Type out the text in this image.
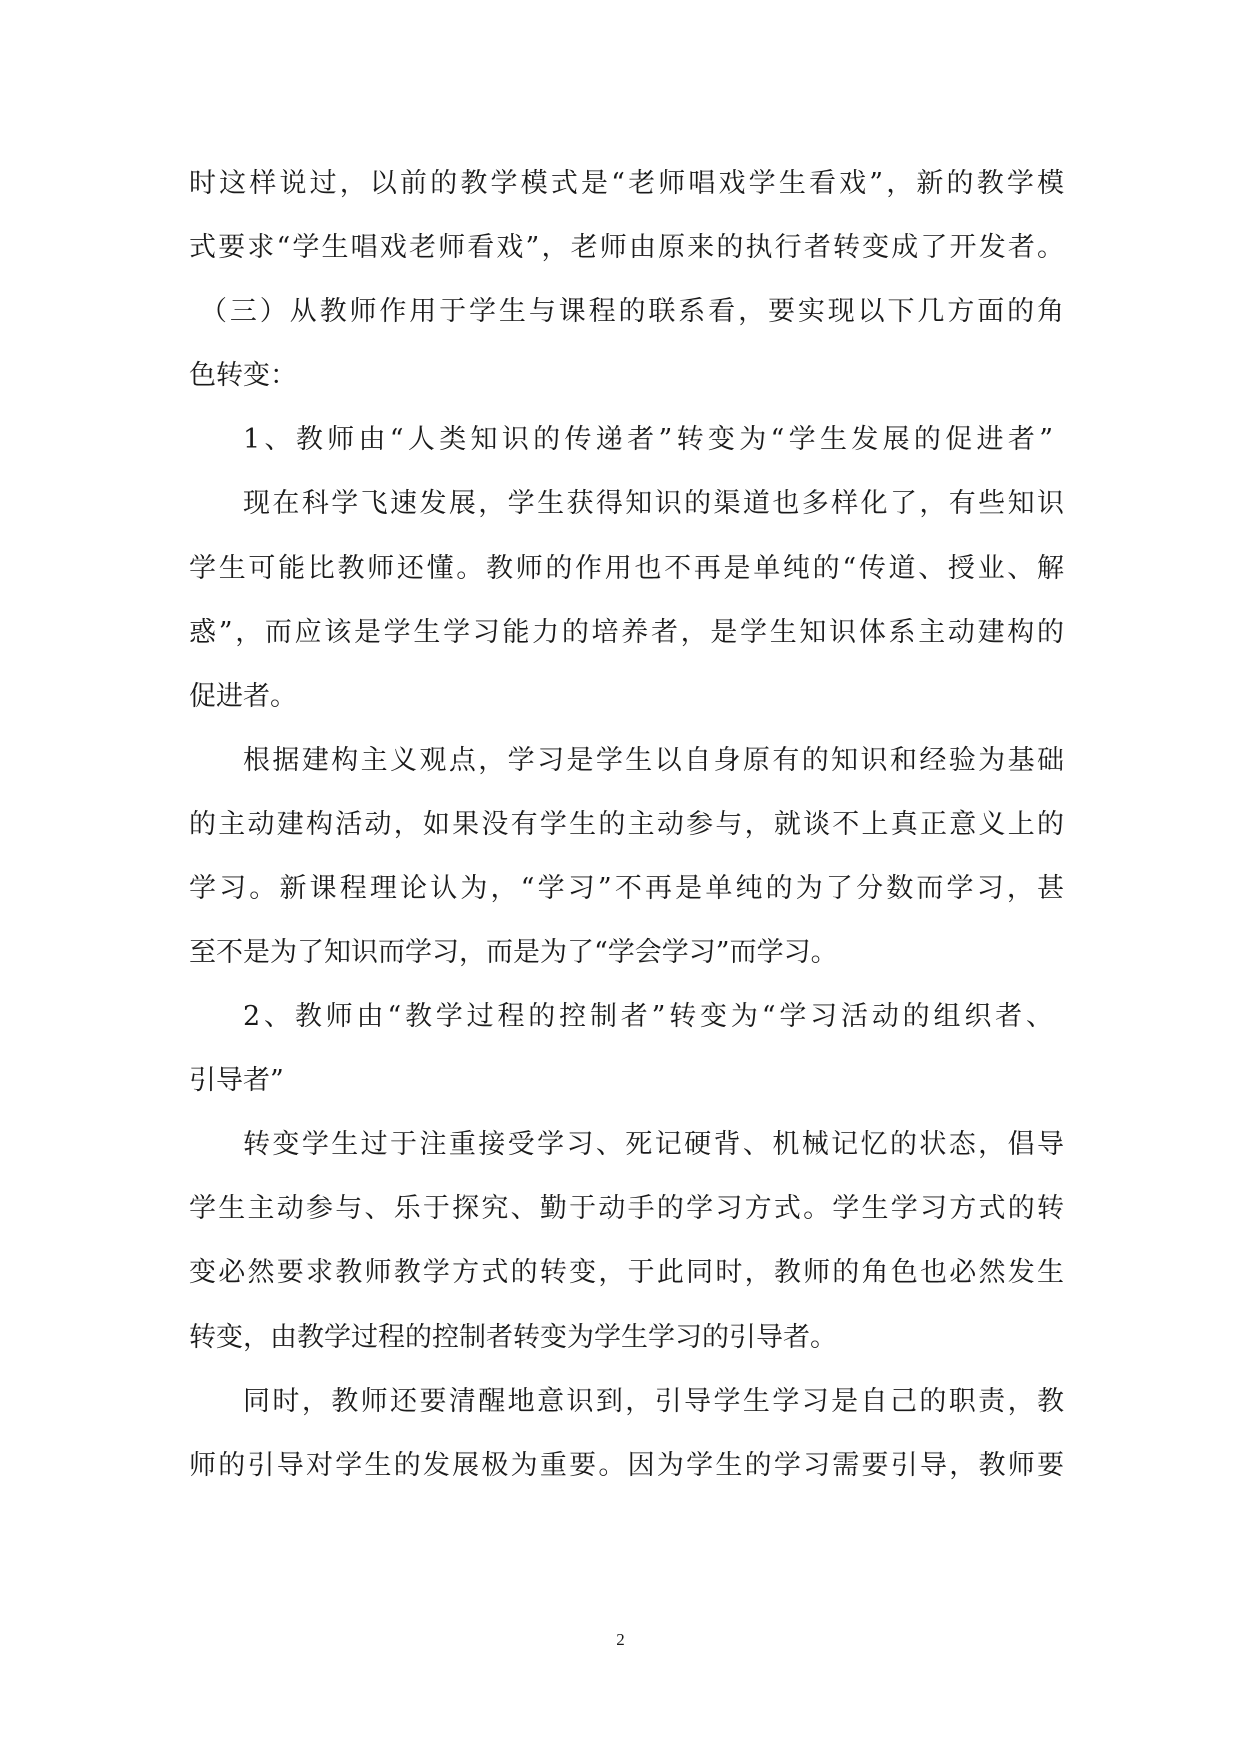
时这样说过，以前的教学模式是“老师唱戏学生看戏”，新的教学模
式要求“学生唱戏老师看戏”，老师由原来的执行者转变成了开发者。
（三）从教师作用于学生与课程的联系看，要实现以下几方面的角
色转变：
1、教师由“人类知识的传递者”转变为“学生发展的促进者”
现在科学飞速发展，学生获得知识的渠道也多样化了，有些知识
学生可能比教师还懂。教师的作用也不再是单纯的“传道、授业、解
惑”，而应该是学生学习能力的培养者，是学生知识体系主动建构的
促进者。
根据建构主义观点，学习是学生以自身原有的知识和经验为基础
的主动建构活动，如果没有学生的主动参与，就谈不上真正意义上的
学习。新课程理论认为，“学习”不再是单纯的为了分数而学习，甚
至不是为了知识而学习，而是为了“学会学习”而学习。
2、教师由“教学过程的控制者”转变为“学习活动的组织者、
引导者”
转变学生过于注重接受学习、死记硬背、机械记忆的状态，倡导
学生主动参与、乐于探究、勤于动手的学习方式。学生学习方式的转
变必然要求教师教学方式的转变，于此同时，教师的角色也必然发生
转变，由教学过程的控制者转变为学生学习的引导者。
同时，教师还要清醒地意识到，引导学生学习是自己的职责，教
师的引导对学生的发展极为重要。因为学生的学习需要引导，教师要
2
